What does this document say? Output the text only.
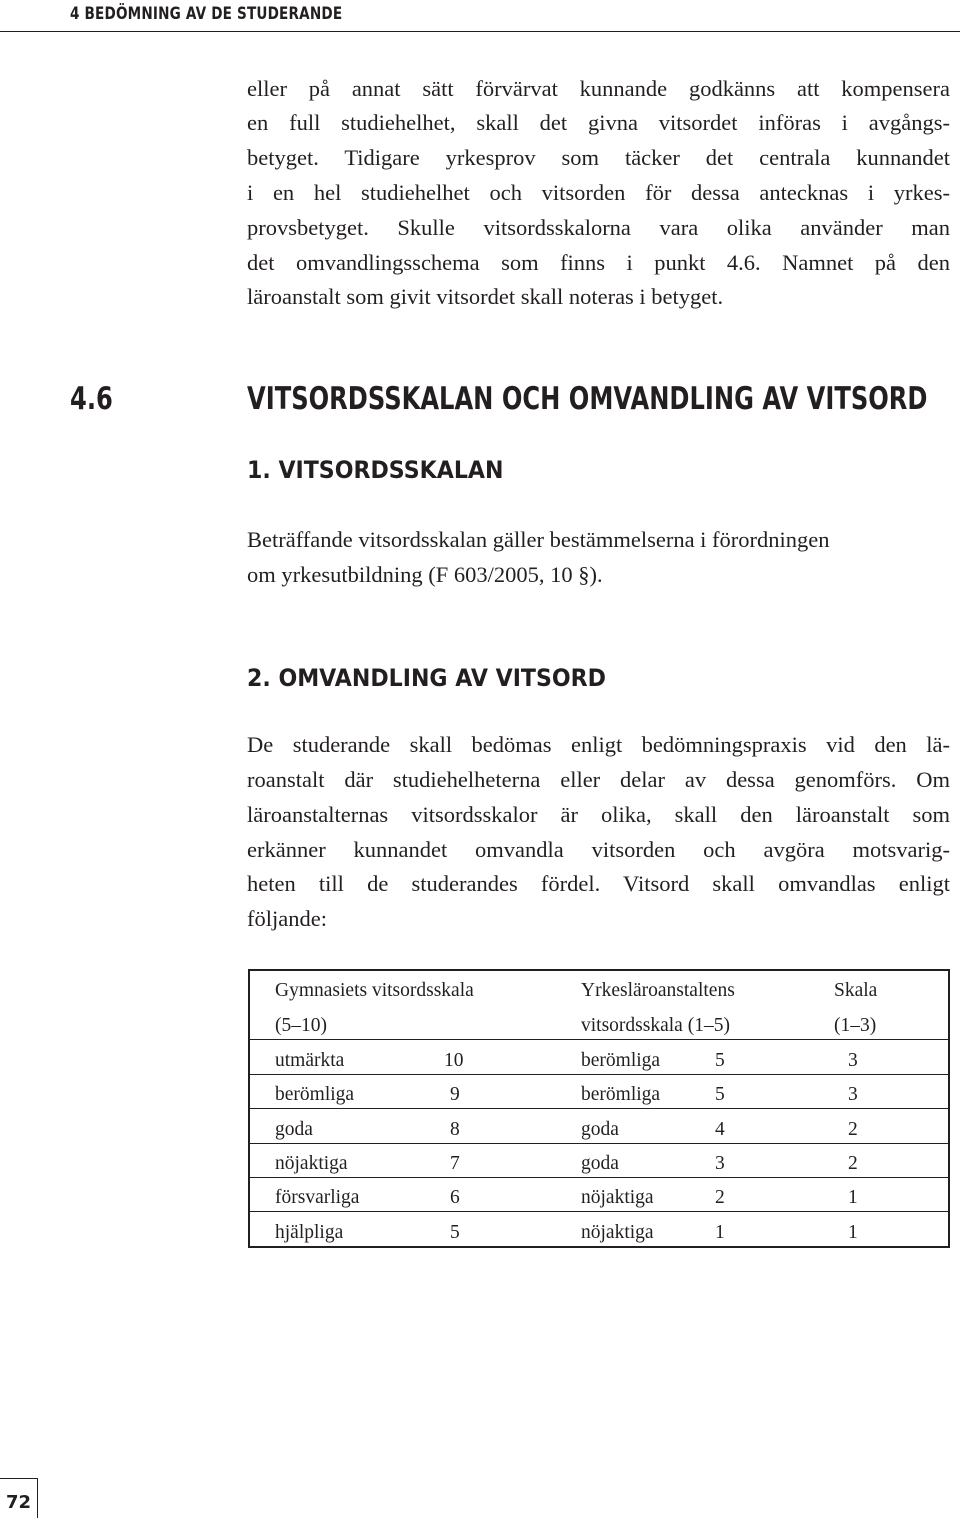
4 BEDÖMNING AV DE STUDERANDE
eller på annat sätt förvärvat kunnande godkänns att kompensera
en full studiehelhet, skall det givna vitsordet införas i avgångs-
betyget. Tidigare yrkesprov som täcker det centrala kunnandet
i en hel studiehelhet och vitsorden för dessa antecknas i yrkes-
provsbetyget. Skulle vitsordsskalorna vara olika använder man
det omvandlingsschema som finns i punkt 4.6. Namnet på den
läroanstalt som givit vitsordet skall noteras i betyget.
4.6	VITSORDSSKALAN OCH OMVANDLING AV VITSORD
1. VITSORDSSKALAN
Beträffande vitsordsskalan gäller bestämmelserna i förordningen
om yrkesutbildning (F 603/2005, 10 §).
2. OMVANDLING AV VITSORD
De studerande skall bedömas enligt bedömningspraxis vid den lä-
roanstalt där studiehelheterna eller delar av dessa genomförs. Om
läroanstalternas vitsordsskalor är olika, skall den läroanstalt som
erkänner kunnandet omvandla vitsorden och avgöra motsvarig-
heten till de studerandes fördel. Vitsord skall omvandlas enligt
följande:
Gymnasiets vitsordsskala	Yrkesläroanstaltens	Skala
(5–10)	vitsordsskala (1–5)	(1–3)
utmärkta	10	berömliga	5	3
berömliga	9	berömliga	5	3
goda	8	goda	4	2
nöjaktiga	7	goda	3	2
försvarliga	6	nöjaktiga	2	1
hjälpliga	5	nöjaktiga	1	1
72
